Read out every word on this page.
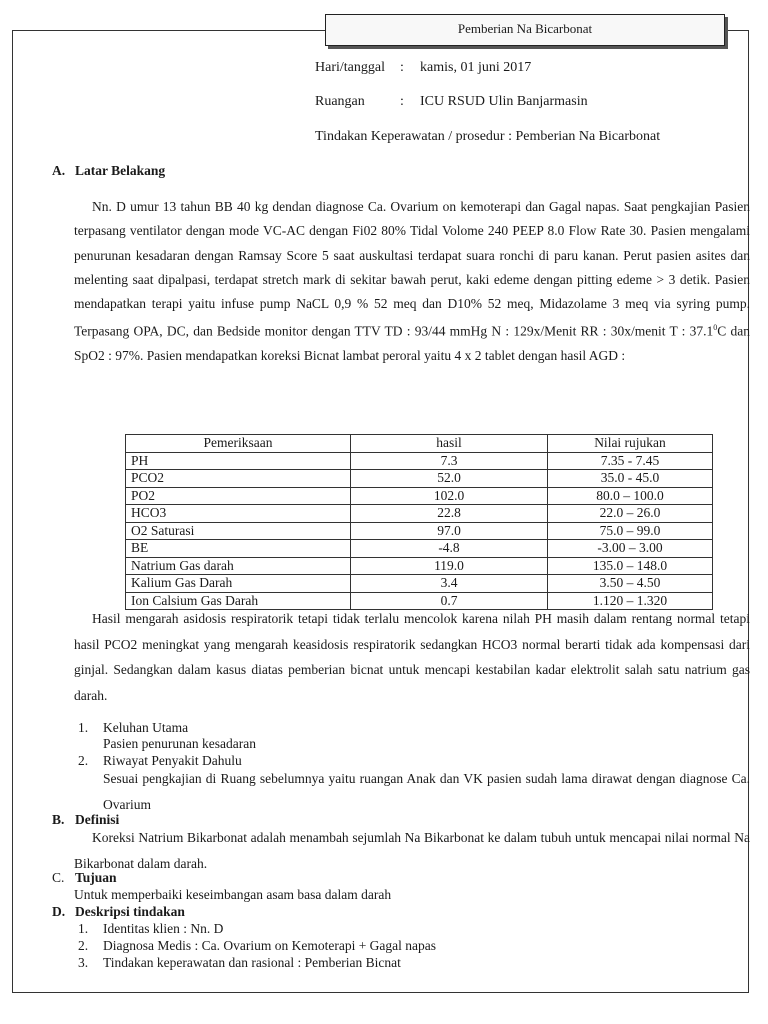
Pemberian Na Bicarbonat
Hari/tanggal : kamis, 01 juni 2017
Ruangan	: ICU RSUD Ulin Banjarmasin
Tindakan Keperawatan / prosedur : Pemberian Na Bicarbonat
A. Latar Belakang
Nn. D umur 13 tahun BB 40 kg dendan diagnose Ca. Ovarium on kemoterapi dan Gagal napas. Saat pengkajian Pasien terpasang ventilator dengan mode VC-AC dengan Fi02 80% Tidal Volome 240 PEEP 8.0 Flow Rate 30. Pasien mengalami penurunan kesadaran dengan Ramsay Score 5 saat auskultasi terdapat suara ronchi di paru kanan. Perut pasien asites dan melenting saat dipalpasi, terdapat stretch mark di sekitar bawah perut, kaki edeme dengan pitting edeme > 3 detik. Pasien mendapatkan terapi yaitu infuse pump NaCL 0,9 % 52 meq dan D10% 52 meq, Midazolame 3 meq via syring pump. Terpasang OPA, DC, dan Bedside monitor dengan TTV TD : 93/44 mmHg N : 129x/Menit RR : 30x/menit T : 37.1$^0$C dan SpO2 : 97%. Pasien mendapatkan koreksi Bicnat lambat peroral yaitu 4 x 2 tablet dengan hasil AGD :
Pemeriksaan	hasil	Nilai rujukan
PH	7.3	7.35 - 7.45
PCO2	52.0	35.0 - 45.0
PO2	102.0	80.0 – 100.0
HCO3	22.8	22.0 – 26.0
O2 Saturasi	97.0	75.0 – 99.0
BE	-4.8	-3.00 – 3.00
Natrium Gas darah	119.0	135.0 – 148.0
Kalium Gas Darah	3.4	3.50 – 4.50
Ion Calsium Gas Darah	0.7	1.120 – 1.320
Hasil mengarah asidosis respiratorik tetapi tidak terlalu mencolok karena nilah PH masih dalam rentang normal tetapi hasil PCO2 meningkat yang mengarah keasidosis respiratorik sedangkan HCO3 normal berarti tidak ada kompensasi dari ginjal. Sedangkan dalam kasus diatas pemberian bicnat untuk mencapi kestabilan kadar elektrolit salah satu natrium gas darah.
1. Keluhan Utama
Pasien penurunan kesadaran
2. Riwayat Penyakit Dahulu
Sesuai pengkajian di Ruang sebelumnya yaitu ruangan Anak dan VK pasien sudah lama dirawat dengan diagnose Ca. Ovarium
B. Definisi
Koreksi Natrium Bikarbonat adalah menambah sejumlah Na Bikarbonat ke dalam tubuh untuk mencapai nilai normal Na Bikarbonat dalam darah.
C. Tujuan
Untuk memperbaiki keseimbangan asam basa dalam darah
D. Deskripsi tindakan
1. Identitas klien : Nn. D
2. Diagnosa Medis : Ca. Ovarium on Kemoterapi + Gagal napas
3. Tindakan keperawatan dan rasional : Pemberian Bicnat
